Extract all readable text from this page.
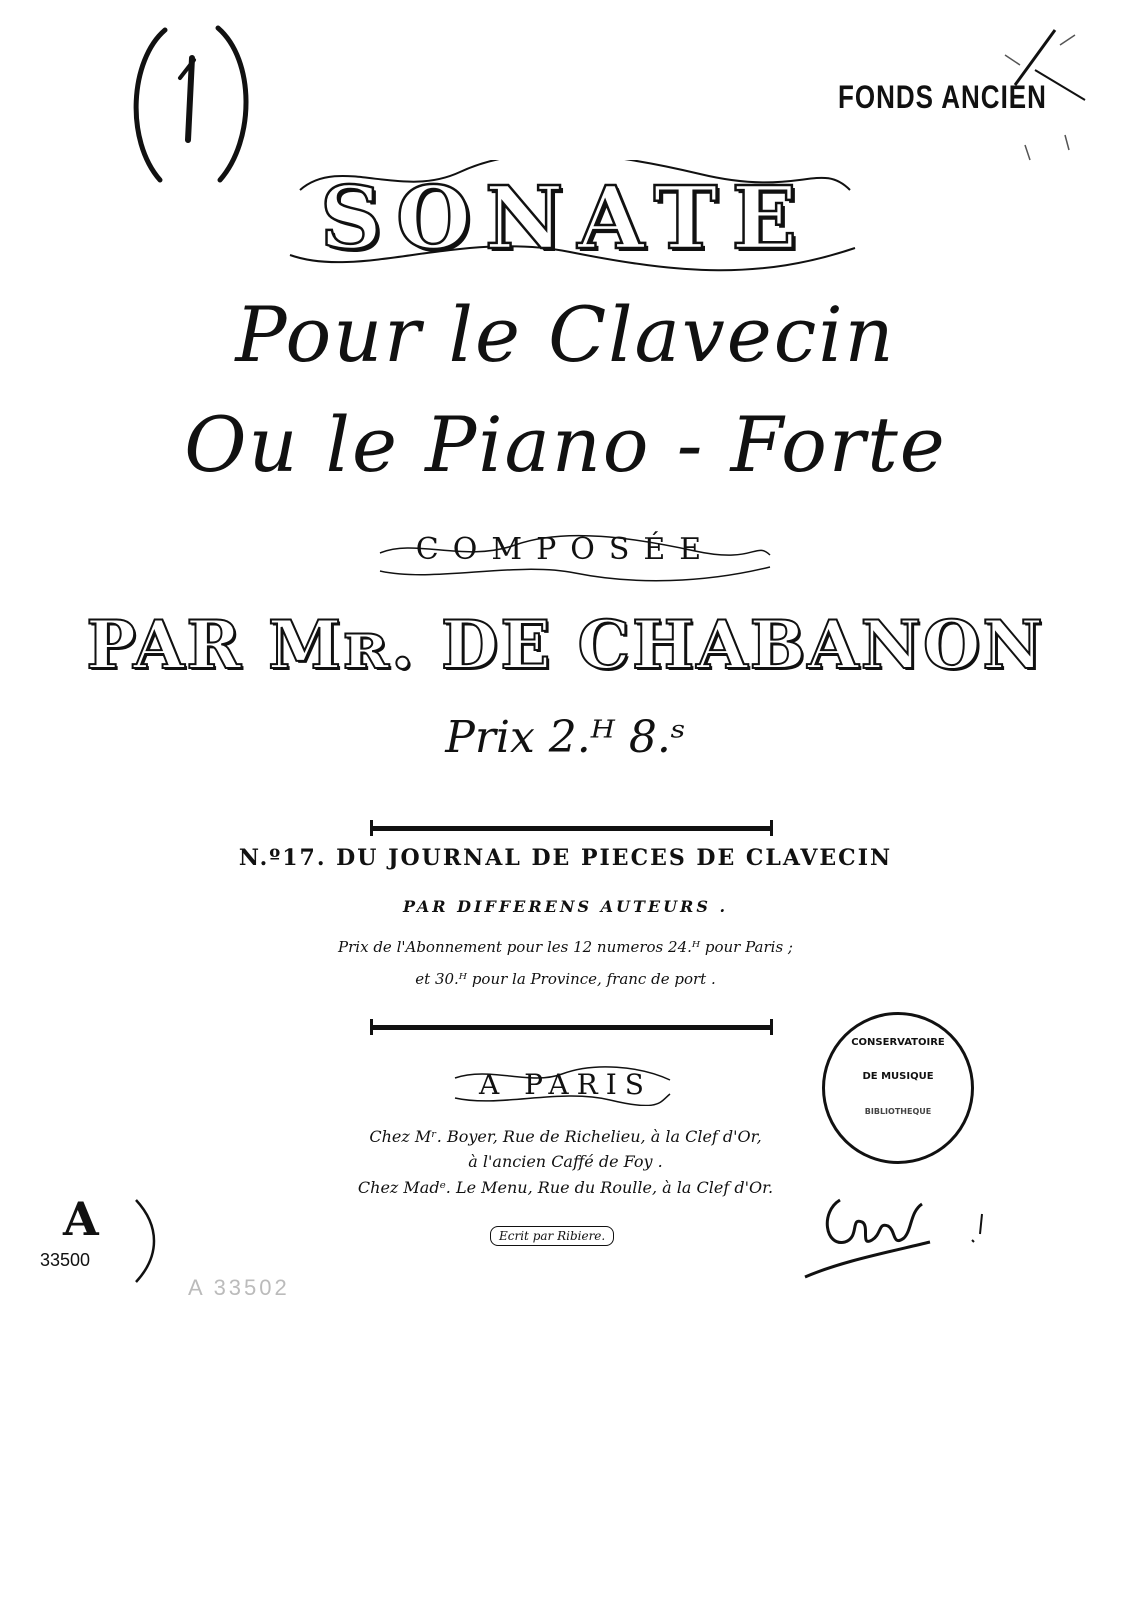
FONDS ANCIEN
SONATE
Pour le Clavecin
Ou le Piano - Forte
COMPOSÉE
PAR Mʀ. DE CHABANON
Prix 2.ᴴ 8.ˢ
N.º17. DU JOURNAL DE PIECES DE CLAVECIN
PAR DIFFERENS AUTEURS .
Prix de l'Abonnement pour les 12 numeros 24.ᴴ pour Paris ;
et 30.ᴴ pour la Province, franc de port .
CONSERVATOIRE
DE MUSIQUE
BIBLIOTHEQUE
A PARIS
Chez Mʳ. Boyer, Rue de Richelieu, à la Clef d'Or,
à l'ancien Caffé de Foy .
Chez Madᵉ. Le Menu, Rue du Roulle, à la Clef d'Or.
Ecrit par Ribiere.
A
33500
A 33502
